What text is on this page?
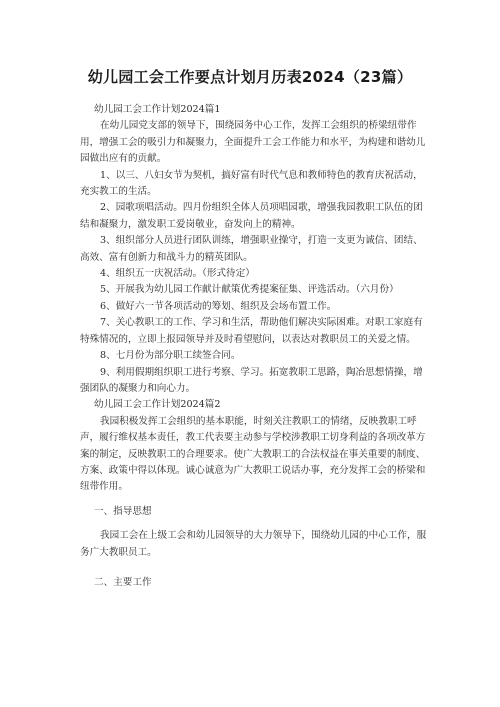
幼儿园工会工作要点计划月历表2024（23篇）

幼儿园工会工作计划2024篇1

在幼儿园党支部的领导下，围绕园务中心工作，发挥工会组织的桥梁纽带作用，增强工会的吸引力和凝聚力，全面提升工会工作能力和水平，为构建和谐幼儿园做出应有的贡献。

1、以三、八妇女节为契机，搞好富有时代气息和教师特色的教育庆祝活动，充实教工的生活。

2、园歌项唱活动。四月份组织全体人员项唱园歌，增强我园教职工队伍的团结和凝聚力，激发职工爱岗敬业，奋发向上的精神。

3、组织部分人员进行团队训练，增强职业操守，打造一支更为诚信、团结、高效、富有创新力和战斗力的精英团队。

4、组织五一庆祝活动。（形式待定）

5、开展我为幼儿园工作献计献策优秀提案征集、评选活动。（六月份）

6、做好六一节各项活动的筹划、组织及会场布置工作。

7、关心教职工的工作、学习和生活，帮助他们解决实际困难。对职工家庭有特殊情况的，立即上报园领导并及时看望慰问，以表达对教职员工的关爱之情。

8、七月份为部分职工续签合同。

9、利用假期组织职工进行考察、学习。拓宽教职工思路，陶冶思想情操，增强团队的凝聚力和向心力。

幼儿园工会工作计划2024篇2

我园积极发挥工会组织的基本职能，时刻关注教职工的情绪，反映教职工呼声，履行维权基本责任，教工代表要主动参与学校涉教职工切身利益的各项改革方案的制定，反映教职工的合理要求。使广大教职工的合法权益在事关重要的制度、方案、政策中得以体现。诚心诚意为广大教职工说话办事，充分发挥工会的桥梁和纽带作用。

一、指导思想

我园工会在上级工会和幼儿园领导的大力领导下，围绕幼儿园的中心工作，服务广大教职员工。

二、主要工作
